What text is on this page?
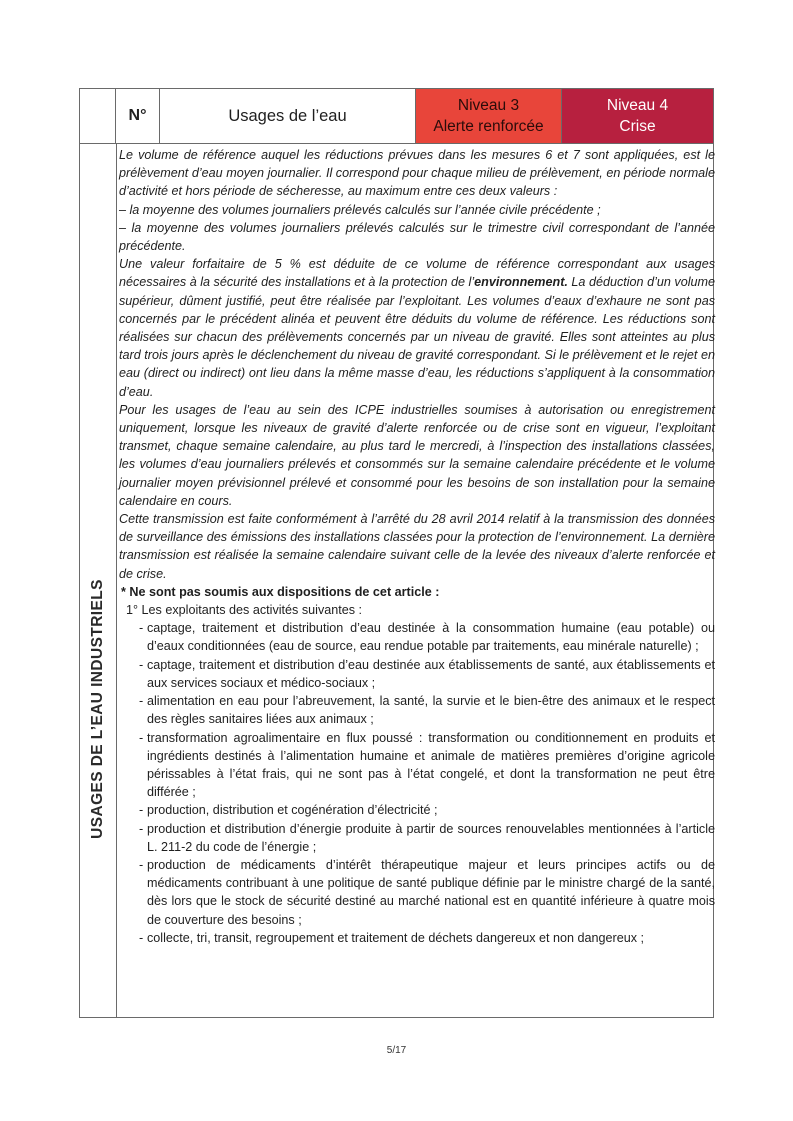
N°	Usages de l’eau
Niveau 3
Alerte renforcée
Niveau 4
Crise
USAGES DE L’EAU INDUSTRIELS

Le volume de référence auquel les réductions prévues dans les mesures 6 et 7 sont appliquées, est le prélèvement d’eau moyen journalier. Il correspond pour chaque milieu de prélèvement, en période normale d’activité et hors période de sécheresse, au maximum entre ces deux valeurs :

– la moyenne des volumes journaliers prélevés calculés sur l’année civile précédente ;

– la moyenne des volumes journaliers prélevés calculés sur le trimestre civil correspondant de l’année précédente.

Une valeur forfaitaire de 5 % est déduite de ce volume de référence correspondant aux usages nécessaires à la sécurité des installations et à la protection de l’environnement. La déduction d’un volume supérieur, dûment justifié, peut être réalisée par l’exploitant. Les volumes d’eaux d’exhaure ne sont pas concernés par le précédent alinéa et peuvent être déduits du volume de référence. Les réductions sont réalisées sur chacun des prélèvements concernés par un niveau de gravité. Elles sont atteintes au plus tard trois jours après le déclenchement du niveau de gravité correspondant. Si le prélèvement et le rejet en eau (direct ou indirect) ont lieu dans la même masse d’eau, les réductions s’appliquent à la consommation d’eau.

Pour les usages de l’eau au sein des ICPE industrielles soumises à autorisation ou enregistrement uniquement, lorsque les niveaux de gravité d’alerte renforcée ou de crise sont en vigueur, l’exploitant transmet, chaque semaine calendaire, au plus tard le mercredi, à l’inspection des installations classées, les volumes d’eau journaliers prélevés et consommés sur la semaine calendaire précédente et le volume journalier moyen prévisionnel prélevé et consommé pour les besoins de son installation pour la semaine calendaire en cours.

Cette transmission est faite conformément à l’arrêté du 28 avril 2014 relatif à la transmission des données de surveillance des émissions des installations classées pour la protection de l’environnement. La dernière transmission est réalisée la semaine calendaire suivant celle de la levée des niveaux d’alerte renforcée et de crise.

* Ne sont pas soumis aux dispositions de cet article :

1° Les exploitants des activités suivantes :

- captage, traitement et distribution d’eau destinée à la consommation humaine (eau potable) ou d’eaux conditionnées (eau de source, eau rendue potable par traitements, eau minérale naturelle) ;

- captage, traitement et distribution d’eau destinée aux établissements de santé, aux établissements et aux services sociaux et médico-sociaux ;

- alimentation en eau pour l’abreuvement, la santé, la survie et le bien-être des animaux et le respect des règles sanitaires liées aux animaux ;

- transformation agroalimentaire en flux poussé : transformation ou conditionnement en produits et ingrédients destinés à l’alimentation humaine et animale de matières premières d’origine agricole périssables à l’état frais, qui ne sont pas à l’état congelé, et dont la transformation ne peut être différée ;

- production, distribution et cogénération d’électricité ;

- production et distribution d’énergie produite à partir de sources renouvelables mentionnées à l’article L. 211-2 du code de l’énergie ;

- production de médicaments d’intérêt thérapeutique majeur et leurs principes actifs ou de médicaments contribuant à une politique de santé publique définie par le ministre chargé de la santé, dès lors que le stock de sécurité destiné au marché national est en quantité inférieure à quatre mois de couverture des besoins ;

- collecte, tri, transit, regroupement et traitement de déchets dangereux et non dangereux ;

5/17
